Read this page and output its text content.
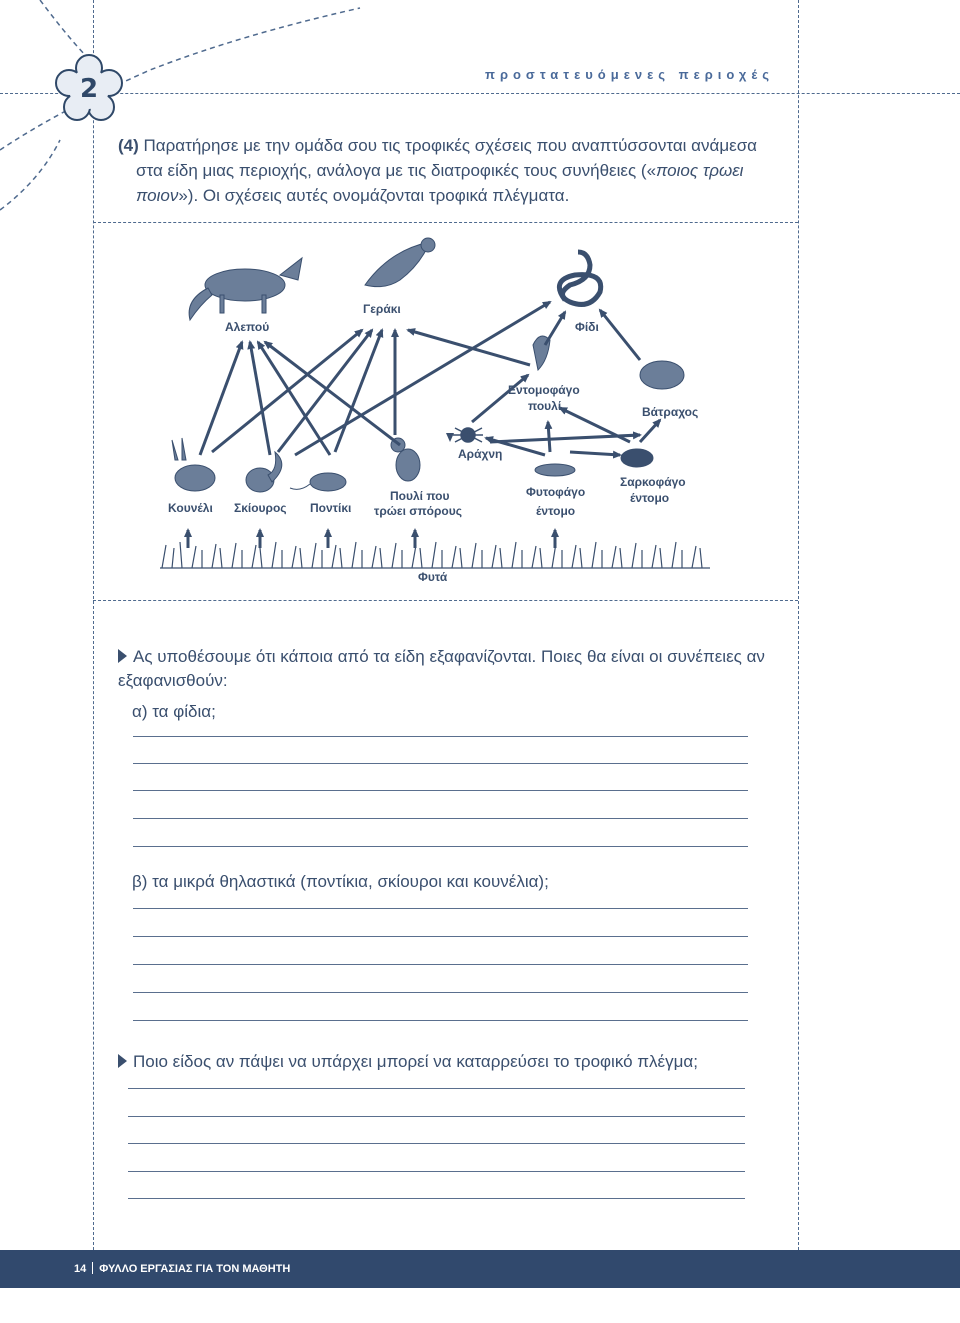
2	προστατευόμενες περιοχές
(4) Παρατήρησε με την ομάδα σου τις τροφικές σχέσεις που αναπτύσσονται ανάμεσα
στα είδη μιας περιοχής, ανάλογα με τις διατροφικές τους συνήθειες («ποιος τρωει
ποιον»). Οι σχέσεις αυτές ονομάζονται τροφικά πλέγματα.
Αλεπού
Γεράκι
Φίδι
Εντομοφάγο
πουλί	Βάτραχος
Αράχνη
Κουνέλι Σκίουρος Ποντίκι
Πουλί που
τρώει σπόρους
Φυτοφάγο
έντομο
Σαρκοφάγο
έντομο
Φυτά
Ας υποθέσουμε ότι κάποια από τα είδη εξαφανίζονται. Ποιες θα είναι οι συνέπειες αν
εξαφανισθούν:
α) τα φίδια;
β) τα μικρά θηλαστικά (ποντίκια, σκίουροι και κουνέλια);
Ποιο είδος αν πάψει να υπάρχει μπορεί να καταρρεύσει το τροφικό πλέγμα;
14 ΦΥΛΛΟ ΕΡΓΑΣΙΑΣ ΓΙΑ ΤΟΝ ΜΑΘΗΤΗ
